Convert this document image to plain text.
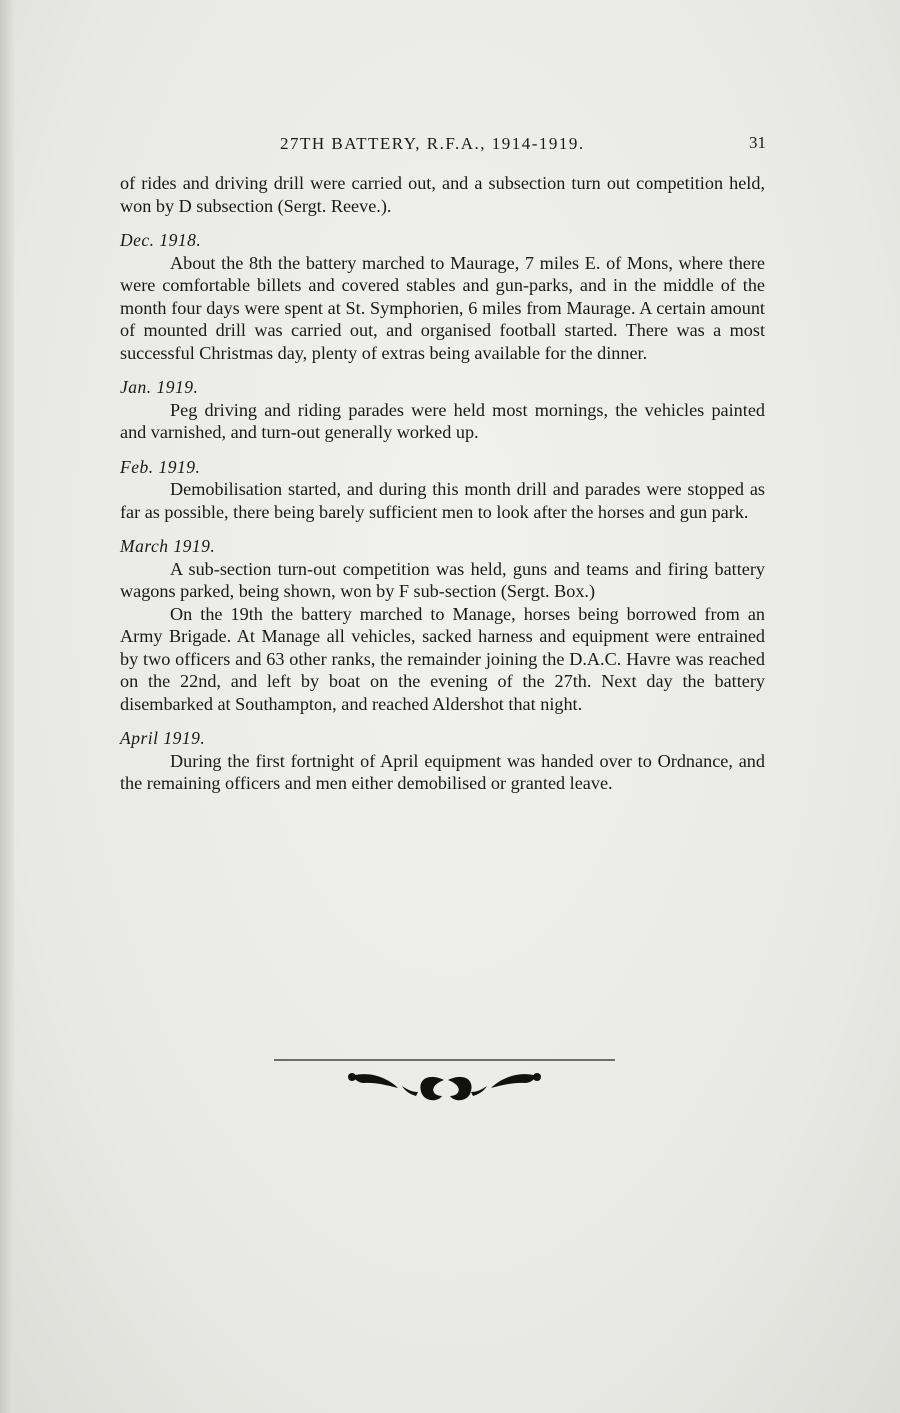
27TH BATTERY, R.F.A., 1914-1919.	31

of rides and driving drill were carried out, and a subsection turn out competition held, won by D subsection (Sergt. Reeve.).

Dec. 1918.

About the 8th the battery marched to Maurage, 7 miles E. of Mons, where there were comfortable billets and covered stables and gun-parks, and in the middle of the month four days were spent at St. Symphorien, 6 miles from Maurage. A certain amount of mounted drill was carried out, and organised football started. There was a most successful Christmas day, plenty of extras being available for the dinner.

Jan. 1919.

Peg driving and riding parades were held most mornings, the vehicles painted and varnished, and turn-out generally worked up.

Feb. 1919.

Demobilisation started, and during this month drill and parades were stopped as far as possible, there being barely sufficient men to look after the horses and gun park.

March 1919.

A sub-section turn-out competition was held, guns and teams and firing battery wagons parked, being shown, won by F sub-section (Sergt. Box.)

On the 19th the battery marched to Manage, horses being borrowed from an Army Brigade. At Manage all vehicles, sacked harness and equipment were entrained by two officers and 63 other ranks, the remainder joining the D.A.C. Havre was reached on the 22nd, and left by boat on the evening of the 27th. Next day the battery disembarked at Southampton, and reached Aldershot that night.

April 1919.

During the first fortnight of April equipment was handed over to Ordnance, and the remaining officers and men either demobilised or granted leave.
